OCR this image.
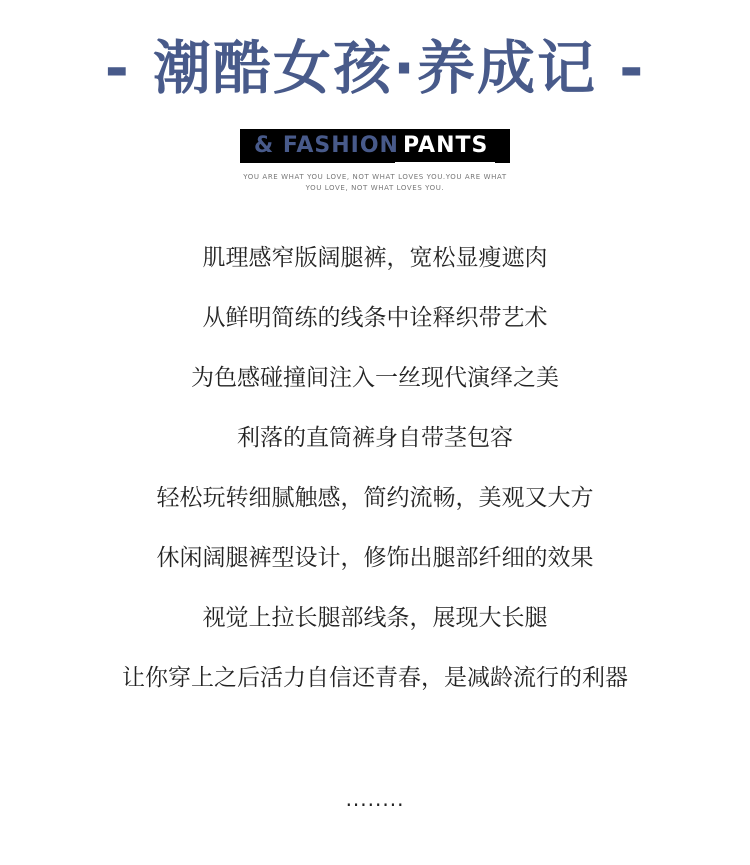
- 潮酷女孩·养成记 -
& FASHION PANTS
YOU ARE WHAT YOU LOVE, NOT WHAT LOVES YOU.YOU ARE WHAT
YOU LOVE, NOT WHAT LOVES YOU.
肌理感窄版阔腿裤，宽松显瘦遮肉
从鲜明简练的线条中诠释织带艺术
为色感碰撞间注入一丝现代演绎之美
利落的直筒裤身自带茎包容
轻松玩转细腻触感，简约流畅，美观又大方
休闲阔腿裤型设计，修饰出腿部纤细的效果
视觉上拉长腿部线条，展现大长腿
让你穿上之后活力自信还青春，是减龄流行的利器
........
